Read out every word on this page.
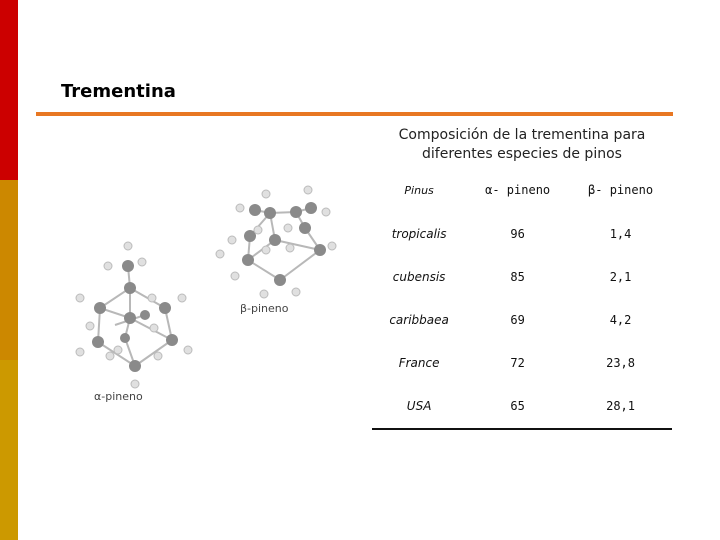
Trementina
Composición de la trementina para
diferentes especies de pinos
Pinus	α- pineno	β- pineno
tropicalis	96	1,4
cubensis	85	2,1
caribbaea	69	4,2
France	72	23,8
USA	65	28,1
α-pineno
β-pineno
